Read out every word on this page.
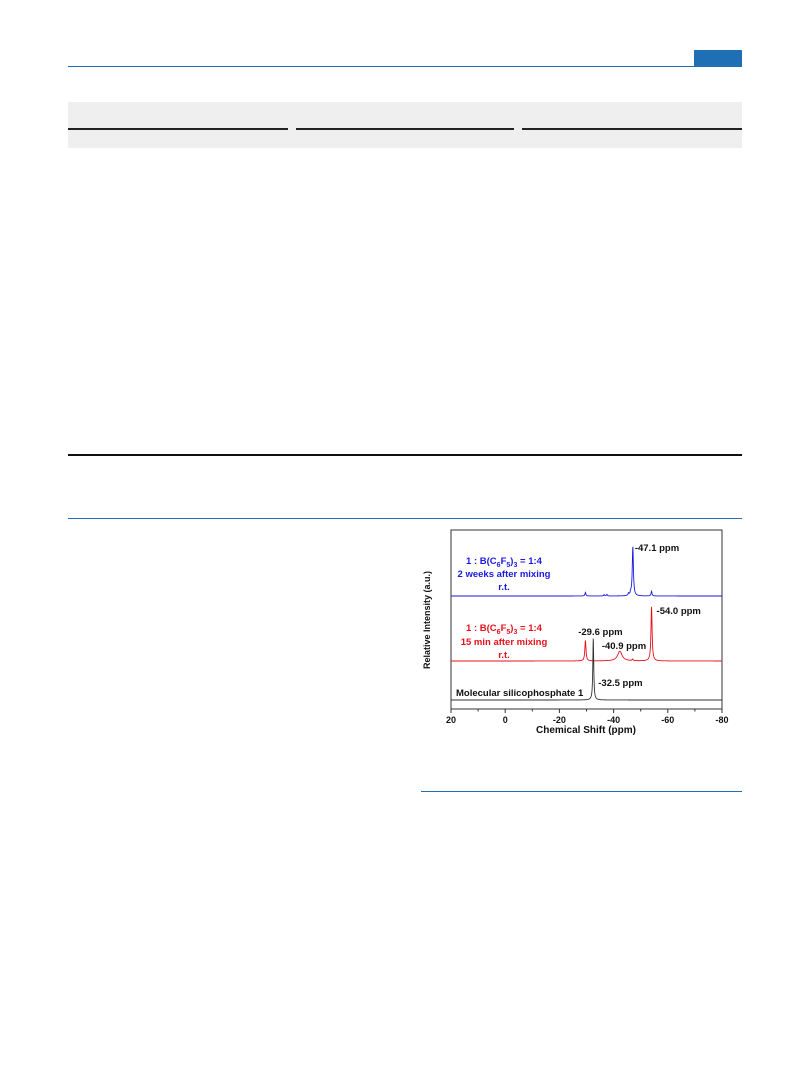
20	0	-20	-40	-60	-80
-47.1 ppm
-54.0 ppm
-29.6 ppm
-40.9 ppm
-32.5 ppm
Relative Intensity (a.u.)
Chemical Shift (ppm)
1 : $B(C_6F_5)_3$ = 1:4
2 weeks after mixing
r.t.
1 : $B(C_6F_5)_3$ = 1:4
15 min after mixing
r.t.
Molecular silicophosphate 1
